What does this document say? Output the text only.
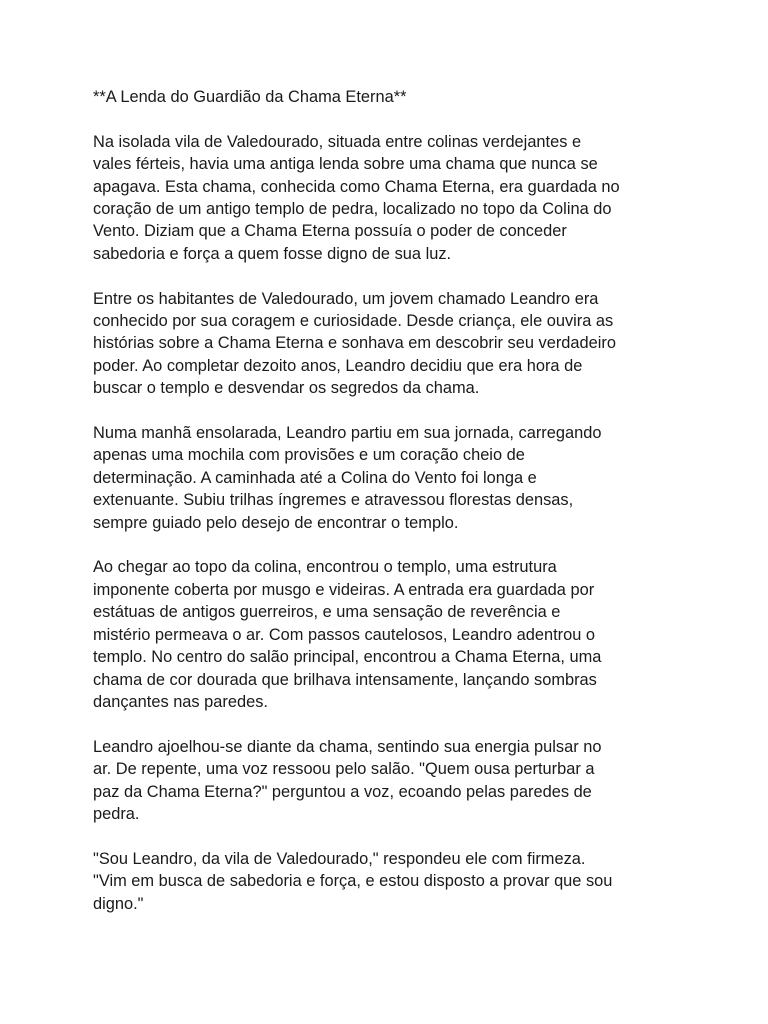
**A Lenda do Guardião da Chama Eterna**

Na isolada vila de Valedourado, situada entre colinas verdejantes e
vales férteis, havia uma antiga lenda sobre uma chama que nunca se
apagava. Esta chama, conhecida como Chama Eterna, era guardada no
coração de um antigo templo de pedra, localizado no topo da Colina do
Vento. Diziam que a Chama Eterna possuía o poder de conceder
sabedoria e força a quem fosse digno de sua luz.

Entre os habitantes de Valedourado, um jovem chamado Leandro era
conhecido por sua coragem e curiosidade. Desde criança, ele ouvira as
histórias sobre a Chama Eterna e sonhava em descobrir seu verdadeiro
poder. Ao completar dezoito anos, Leandro decidiu que era hora de
buscar o templo e desvendar os segredos da chama.

Numa manhã ensolarada, Leandro partiu em sua jornada, carregando
apenas uma mochila com provisões e um coração cheio de
determinação. A caminhada até a Colina do Vento foi longa e
extenuante. Subiu trilhas íngremes e atravessou florestas densas,
sempre guiado pelo desejo de encontrar o templo.

Ao chegar ao topo da colina, encontrou o templo, uma estrutura
imponente coberta por musgo e videiras. A entrada era guardada por
estátuas de antigos guerreiros, e uma sensação de reverência e
mistério permeava o ar. Com passos cautelosos, Leandro adentrou o
templo. No centro do salão principal, encontrou a Chama Eterna, uma
chama de cor dourada que brilhava intensamente, lançando sombras
dançantes nas paredes.

Leandro ajoelhou-se diante da chama, sentindo sua energia pulsar no
ar. De repente, uma voz ressoou pelo salão. "Quem ousa perturbar a
paz da Chama Eterna?" perguntou a voz, ecoando pelas paredes de
pedra.

"Sou Leandro, da vila de Valedourado," respondeu ele com firmeza.
"Vim em busca de sabedoria e força, e estou disposto a provar que sou
digno."
